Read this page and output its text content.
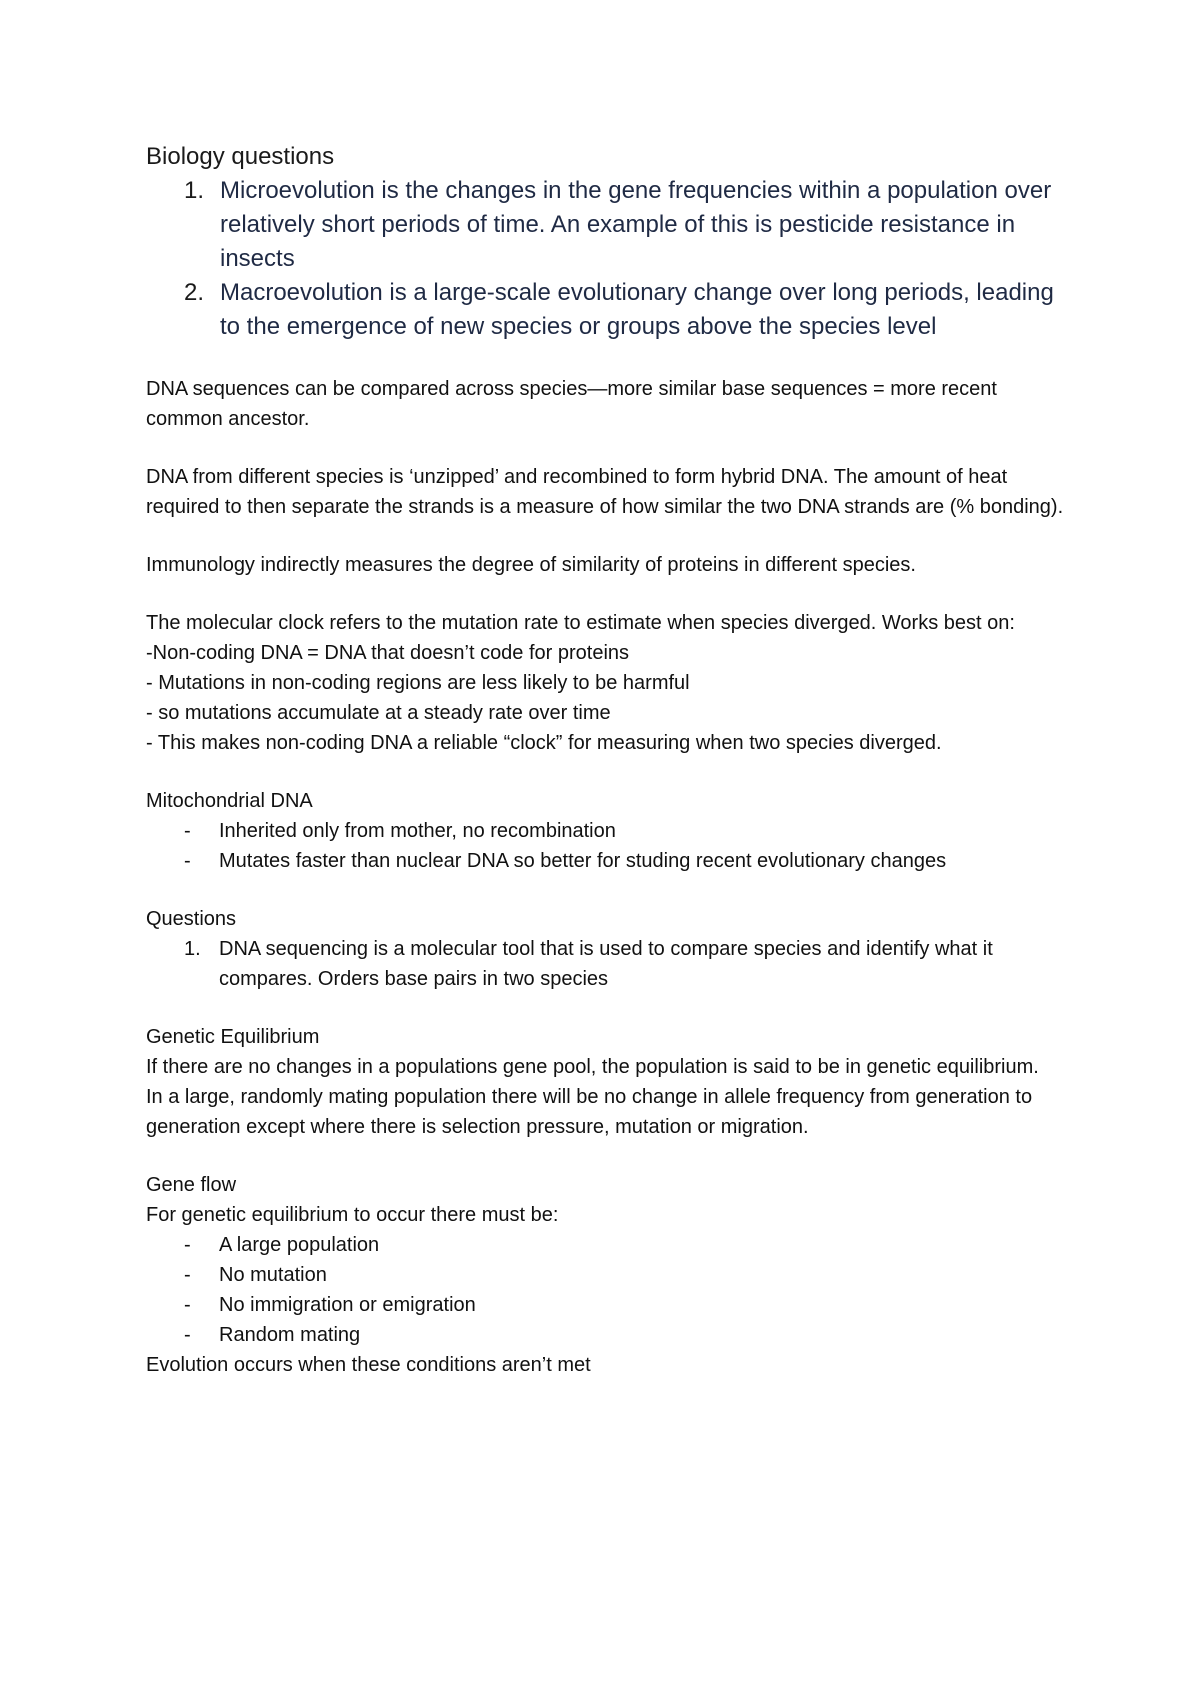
Biology questions

1. Microevolution is the changes in the gene frequencies within a population over relatively short periods of time. An example of this is pesticide resistance in insects
2. Macroevolution is a large-scale evolutionary change over long periods, leading to the emergence of new species or groups above the species level

DNA sequences can be compared across species—more similar base sequences = more recent common ancestor.

DNA from different species is ‘unzipped’ and recombined to form hybrid DNA. The amount of heat required to then separate the strands is a measure of how similar the two DNA strands are (% bonding).

Immunology indirectly measures the degree of similarity of proteins in different species.

The molecular clock refers to the mutation rate to estimate when species diverged. Works best on:

-Non-coding DNA = DNA that doesn’t code for proteins

- Mutations in non-coding regions are less likely to be harmful

- so mutations accumulate at a steady rate over time

- This makes non-coding DNA a reliable “clock” for measuring when two species diverged.

Mitochondrial DNA

- Inherited only from mother, no recombination
- Mutates faster than nuclear DNA so better for studing recent evolutionary changes

Questions

1. DNA sequencing is a molecular tool that is used to compare species and identify what it compares. Orders base pairs in two species

Genetic Equilibrium

If there are no changes in a populations gene pool, the population is said to be in genetic equilibrium.

In a large, randomly mating population there will be no change in allele frequency from generation to generation except where there is selection pressure, mutation or migration.

Gene flow

For genetic equilibrium to occur there must be:

- A large population
- No mutation
- No immigration or emigration
- Random mating

Evolution occurs when these conditions aren’t met
